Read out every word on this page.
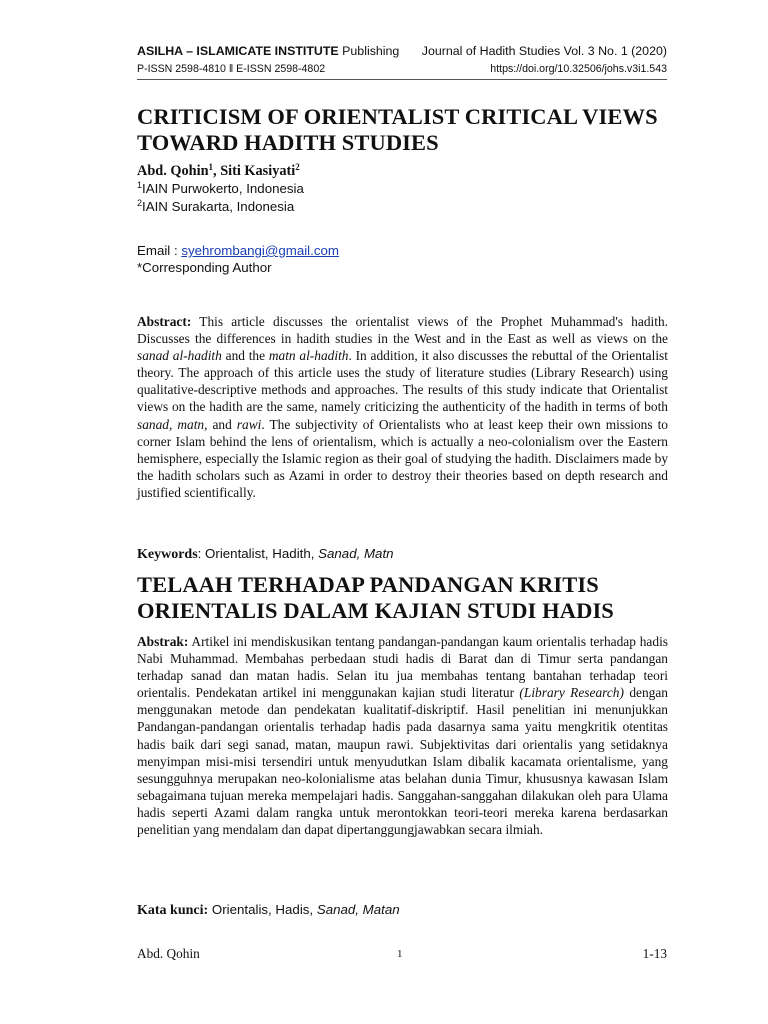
ASILHA – ISLAMICATE INSTITUTE Publishing Journal of Hadith Studies Vol. 3 No. 1 (2020)
P-ISSN 2598-4810 ǁ E-ISSN 2598-4802	https://doi.org/10.32506/johs.v3i1.543
CRITICISM OF ORIENTALIST CRITICAL VIEWS
TOWARD HADITH STUDIES
Abd. Qohin$^1$, Siti Kasiyati$^2$
$^1$IAIN Purwokerto, Indonesia
$^2$IAIN Surakarta, Indonesia
Email : syehrombangi@gmail.com
*Corresponding Author

Abstract: This article discusses the orientalist views of the Prophet Muhammad's hadith. Discusses the differences in hadith studies in the West and in the East as well as views on the sanad al-hadith and the matn al-hadith. In addition, it also discusses the rebuttal of the Orientalist theory. The approach of this article uses the study of literature studies (Library Research) using qualitative-descriptive methods and approaches. The results of this study indicate that Orientalist views on the hadith are the same, namely criticizing the authenticity of the hadith in terms of both sanad, matn, and rawi. The subjectivity of Orientalists who at least keep their own missions to corner Islam behind the lens of orientalism, which is actually a neo-colonialism over the Eastern hemisphere, especially the Islamic region as their goal of studying the hadith. Disclaimers made by the hadith scholars such as Azami in order to destroy their theories based on depth research and justified scientifically.

Keywords: Orientalist, Hadith, Sanad, Matn
TELAAH TERHADAP PANDANGAN KRITIS
ORIENTALIS DALAM KAJIAN STUDI HADIS

Abstrak: Artikel ini mendiskusikan tentang pandangan-pandangan kaum orientalis terhadap hadis Nabi Muhammad. Membahas perbedaan studi hadis di Barat dan di Timur serta pandangan terhadap sanad dan matan hadis. Selan itu jua membahas tentang bantahan terhadap teori orientalis. Pendekatan artikel ini menggunakan kajian studi literatur (Library Research) dengan menggunakan metode dan pendekatan kualitatif-diskriptif. Hasil penelitian ini menunjukkan Pandangan-pandangan orientalis terhadap hadis pada dasarnya sama yaitu mengkritik otentitas hadis baik dari segi sanad, matan, maupun rawi. Subjektivitas dari orientalis yang setidaknya menyimpan misi-misi tersendiri untuk menyudutkan Islam dibalik kacamata orientalisme, yang sesungguhnya merupakan neo-kolonialisme atas belahan dunia Timur, khususnya kawasan Islam sebagaimana tujuan mereka mempelajari hadis. Sanggahan-sanggahan dilakukan oleh para Ulama hadis seperti Azami dalam rangka untuk merontokkan teori-teori mereka karena berdasarkan penelitian yang mendalam dan dapat dipertanggungjawabkan secara ilmiah.

Kata kunci: Orientalis, Hadis, Sanad, Matan
Abd. Qohin	1	1-13
